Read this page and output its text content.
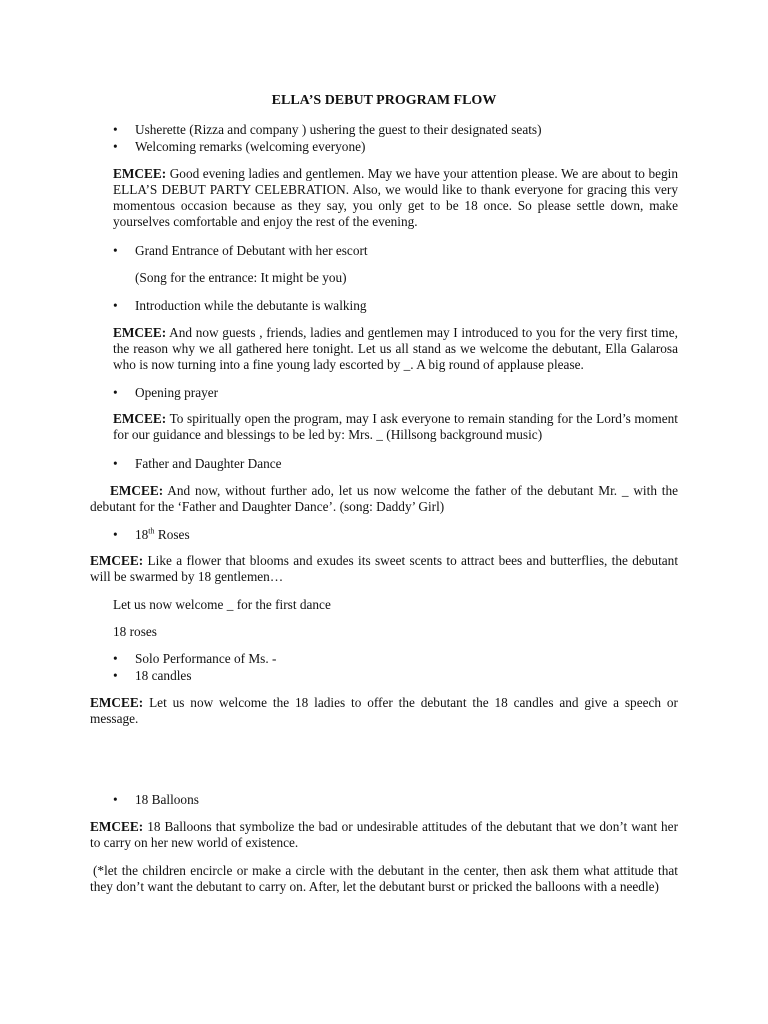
ELLA’S DEBUT PROGRAM FLOW
• Usherette (Rizza and company ) ushering the guest to their designated seats)
• Welcoming remarks (welcoming everyone)

EMCEE: Good evening ladies and gentlemen. May we have your attention please. We are about to begin ELLA’S DEBUT PARTY CELEBRATION. Also, we would like to thank everyone for gracing this very momentous occasion because as they say, you only get to be 18 once. So please settle down, make yourselves comfortable and enjoy the rest of the evening.

• Grand Entrance of Debutant with her escort
(Song for the entrance: It might be you)
• Introduction while the debutante is walking

EMCEE: And now guests , friends, ladies and gentlemen may I introduced to you for the very first time, the reason why we all gathered here tonight. Let us all stand as we welcome the debutant, Ella Galarosa who is now turning into a fine young lady escorted by _. A big round of applause please.

• Opening prayer

EMCEE: To spiritually open the program, may I ask everyone to remain standing for the Lord’s moment for our guidance and blessings to be led by: Mrs. _ (Hillsong background music)

• Father and Daughter Dance

EMCEE: And now, without further ado, let us now welcome the father of the debutant Mr. _ with the debutant for the ‘Father and Daughter Dance’. (song: Daddy’ Girl)

• 18th Roses

EMCEE: Like a flower that blooms and exudes its sweet scents to attract bees and butterflies, the debutant will be swarmed by 18 gentlemen…

Let us now welcome _ for the first dance
18 roses
• Solo Performance of Ms. -
• 18 candles

EMCEE: Let us now welcome the 18 ladies to offer the debutant the 18 candles and give a speech or message.

• 18 Balloons

EMCEE: 18 Balloons that symbolize the bad or undesirable attitudes of the debutant that we don’t want her to carry on her new world of existence.

(*let the children encircle or make a circle with the debutant in the center, then ask them what attitude that they don’t want the debutant to carry on. After, let the debutant burst or pricked the balloons with a needle)
